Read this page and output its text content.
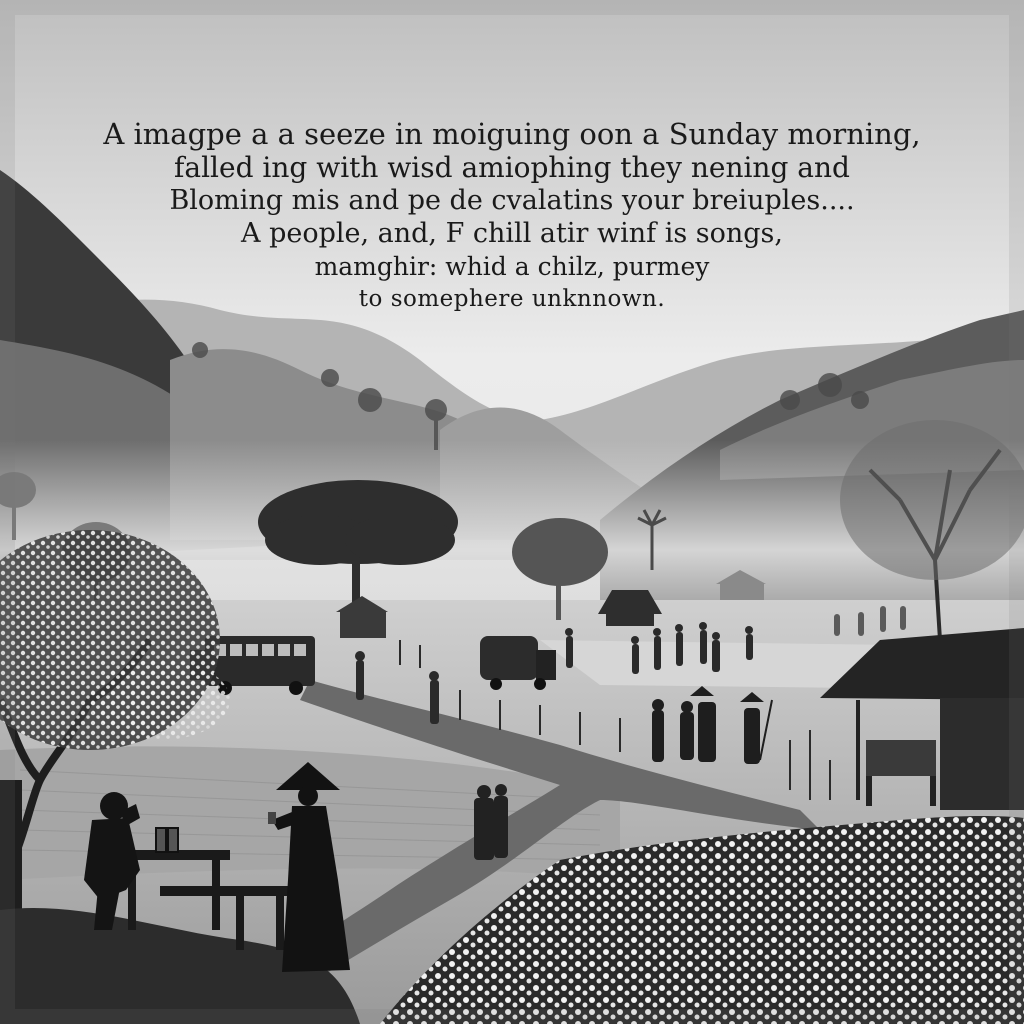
A imagpe a a seeze in moiguing oon a Sunday morning,
falled ing with wisd amiophing they nening and
Bloming mis and pe de cvalatins your breiuples....
A people, and, F chill atir winf is songs,
mamghir: whid a chilz, purmey
to somephere unknnown.
